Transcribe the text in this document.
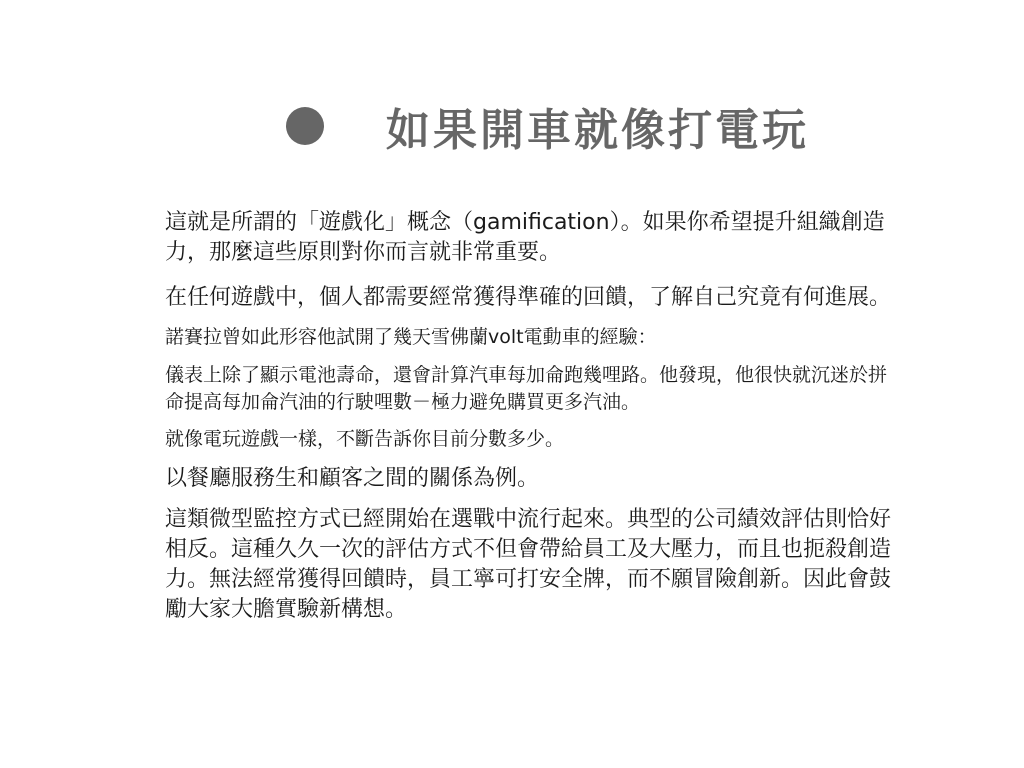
如果開車就像打電玩

這就是所謂的「遊戲化」概念（gamification）。如果你希望提升組織創造力，那麼這些原則對你而言就非常重要。

在任何遊戲中，個人都需要經常獲得準確的回饋，了解自己究竟有何進展。

諾賽拉曾如此形容他試開了幾天雪佛蘭volt電動車的經驗：

儀表上除了顯示電池壽命，還會計算汽車每加侖跑幾哩路。他發現，他很快就沉迷於拼命提高每加侖汽油的行駛哩數－極力避免購買更多汽油。

就像電玩遊戲一樣，不斷告訴你目前分數多少。

以餐廳服務生和顧客之間的關係為例。

這類微型監控方式已經開始在選戰中流行起來。典型的公司績效評估則恰好相反。這種久久一次的評估方式不但會帶給員工及大壓力，而且也扼殺創造力。無法經常獲得回饋時，員工寧可打安全牌，而不願冒險創新。因此會鼓勵大家大膽實驗新構想。
